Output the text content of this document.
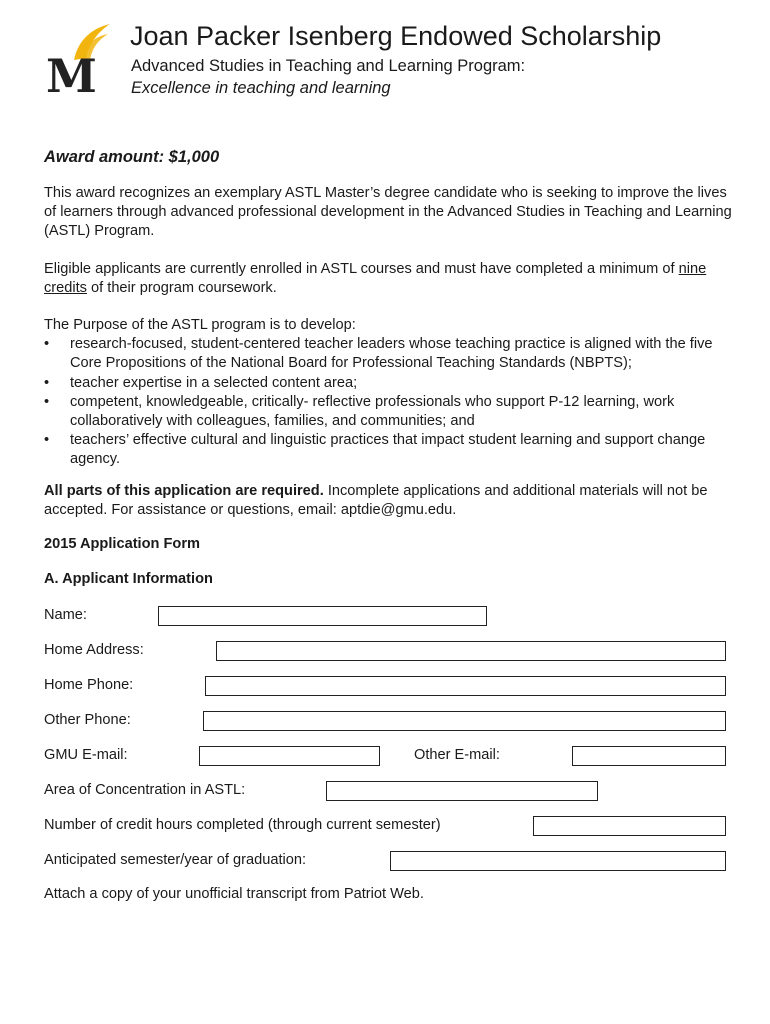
M
Joan Packer Isenberg Endowed Scholarship
Advanced Studies in Teaching and Learning Program:
Excellence in teaching and learning
Award amount: $1,000
This award recognizes an exemplary ASTL Master’s degree candidate who is seeking to improve the lives of learners through advanced professional development in the Advanced Studies in Teaching and Learning (ASTL) Program.
Eligible applicants are currently enrolled in ASTL courses and must have completed a minimum of nine credits of their program coursework.
The Purpose of the ASTL program is to develop:
• research-focused, student-centered teacher leaders whose teaching practice is aligned with the five Core Propositions of the National Board for Professional Teaching Standards (NBPTS);
• teacher expertise in a selected content area;
• competent, knowledgeable, critically- reflective professionals who support P-12 learning, work collaboratively with colleagues, families, and communities; and
• teachers’ effective cultural and linguistic practices that impact student learning and support change agency.
All parts of this application are required. Incomplete applications and additional materials will not be accepted. For assistance or questions, email: aptdie@gmu.edu.
2015 Application Form
A. Applicant Information
Name:
Home Address:
Home Phone:
Other Phone:
GMU E-mail:	Other E-mail:
Area of Concentration in ASTL:
Number of credit hours completed (through current semester)
Anticipated semester/year of graduation:
Attach a copy of your unofficial transcript from Patriot Web.
